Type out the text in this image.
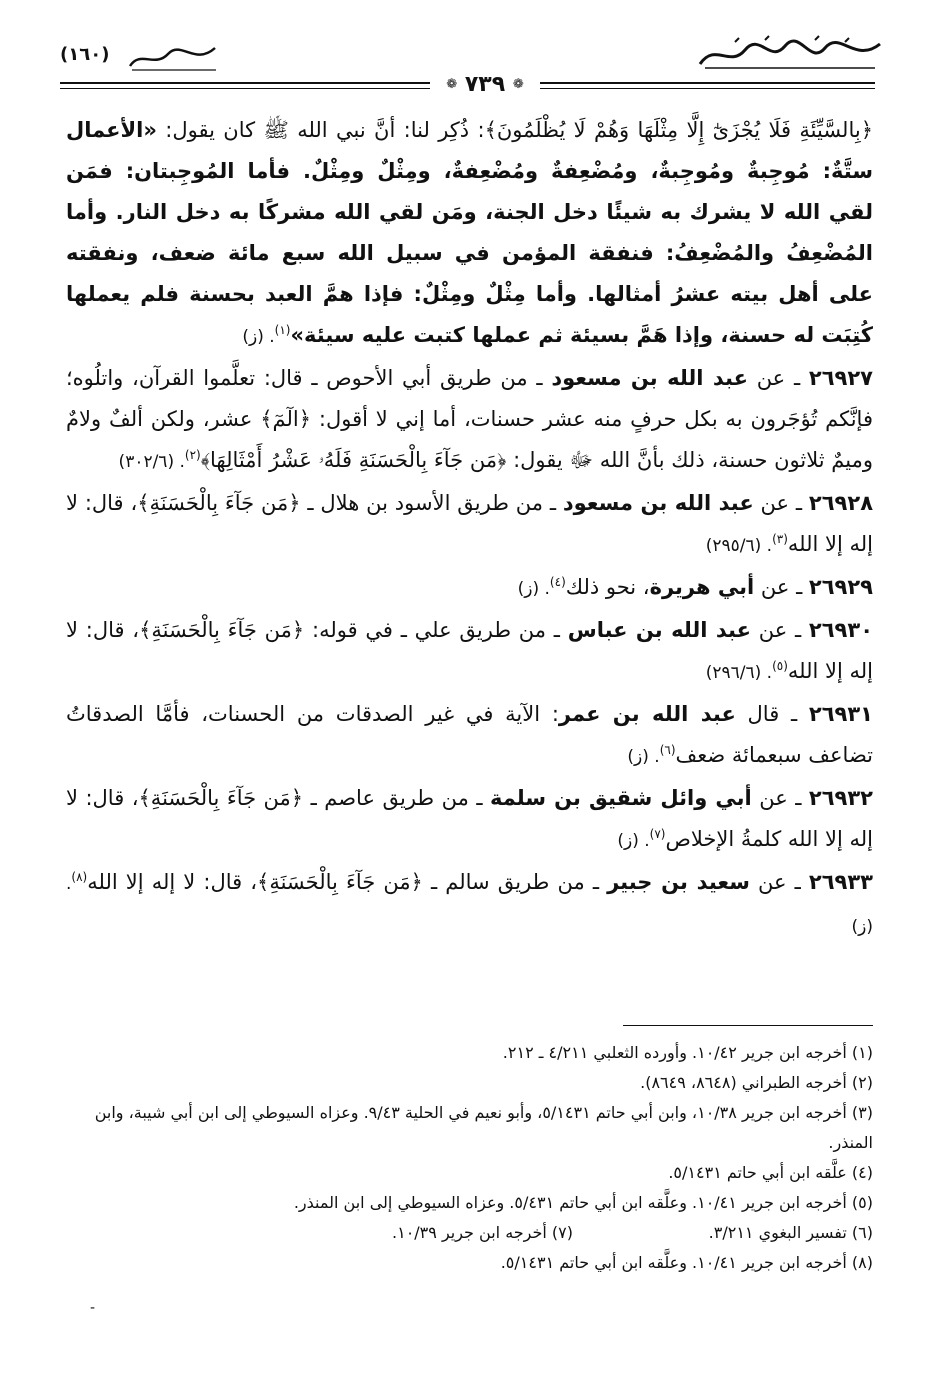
(١٦٠)
❁ ٧٣٩ ❁

﴿بِالسَّيِّئَةِ فَلَا يُجْزَىٰٓ إِلَّا مِثْلَهَا وَهُمْ لَا يُظْلَمُونَ﴾: ذُكِر لنا: أنَّ نبي الله ﷺ كان يقول: «الأعمال ستَّةٌ: مُوجِبةٌ ومُوجِبةٌ، ومُضْعِفةٌ ومُضْعِفةٌ، ومِثْلٌ ومِثْلٌ. فأما المُوجِبتان: فمَن لقي الله لا يشرك به شيئًا دخل الجنة، ومَن لقي الله مشركًا به دخل النار. وأما المُضْعِفُ والمُضْعِفُ: فنفقة المؤمن في سبيل الله سبع مائة ضعف، ونفقته على أهل بيته عشرُ أمثالها. وأما مِثْلٌ ومِثْلٌ: فإذا همَّ العبد بحسنة فلم يعملها كُتِبَت له حسنة، وإذا هَمَّ بسيئة ثم عملها كتبت عليه سيئة»$^{(١)}$. (ز)

٢٦٩٢٧ ـ عن عبد الله بن مسعود ـ من طريق أبي الأحوص ـ قال: تعلَّموا القرآن، واتلُوه؛ فإنَّكم تُؤجَرون به بكل حرفٍ منه عشر حسنات، أما إني لا أقول: ﴿الٓمٓ﴾ عشر، ولكن ألفٌ ولامٌ وميمٌ ثلاثون حسنة، ذلك بأنَّ الله ﷻ يقول: ﴿مَن جَآءَ بِالْحَسَنَةِ فَلَهُۥ عَشْرُ أَمْثَالِهَا﴾$^{(٢)}$. (٣٠٢/٦)

٢٦٩٢٨ ـ عن عبد الله بن مسعود ـ من طريق الأسود بن هلال ـ ﴿مَن جَآءَ بِالْحَسَنَةِ﴾، قال: لا إله إلا الله$^{(٣)}$. (٢٩٥/٦)

٢٦٩٢٩ ـ عن أبي هريرة، نحو ذلك$^{(٤)}$. (ز)

٢٦٩٣٠ ـ عن عبد الله بن عباس ـ من طريق علي ـ في قوله: ﴿مَن جَآءَ بِالْحَسَنَةِ﴾، قال: لا إله إلا الله$^{(٥)}$. (٢٩٦/٦)

٢٦٩٣١ ـ قال عبد الله بن عمر: الآية في غير الصدقات من الحسنات، فأمَّا الصدقاتُ تضاعف سبعمائة ضعف$^{(٦)}$. (ز)

٢٦٩٣٢ ـ عن أبي وائل شقيق بن سلمة ـ من طريق عاصم ـ ﴿مَن جَآءَ بِالْحَسَنَةِ﴾، قال: لا إله إلا الله كلمةُ الإخلاص$^{(٧)}$. (ز)

٢٦٩٣٣ ـ عن سعيد بن جبير ـ من طريق سالم ـ ﴿مَن جَآءَ بِالْحَسَنَةِ﴾، قال: لا إله إلا الله$^{(٨)}$. (ز)

(١) أخرجه ابن جرير ١٠/٤٢. وأورده الثعلبي ٤/٢١١ ـ ٢١٢.

(٢) أخرجه الطبراني (٨٦٤٨، ٨٦٤٩).

(٣) أخرجه ابن جرير ١٠/٣٨، وابن أبي حاتم ٥/١٤٣١، وأبو نعيم في الحلية ٩/٤٣. وعزاه السيوطي إلى ابن أبي شيبة، وابن المنذر.

(٤) علَّقه ابن أبي حاتم ٥/١٤٣١.

(٥) أخرجه ابن جرير ١٠/٤١. وعلَّقه ابن أبي حاتم ٥/٤٣١. وعزاه السيوطي إلى ابن المنذر.

(٦) تفسير البغوي ٣/٢١١.
(٧) أخرجه ابن جرير ١٠/٣٩.

(٨) أخرجه ابن جرير ١٠/٤١. وعلَّقه ابن أبي حاتم ٥/١٤٣١.

-
